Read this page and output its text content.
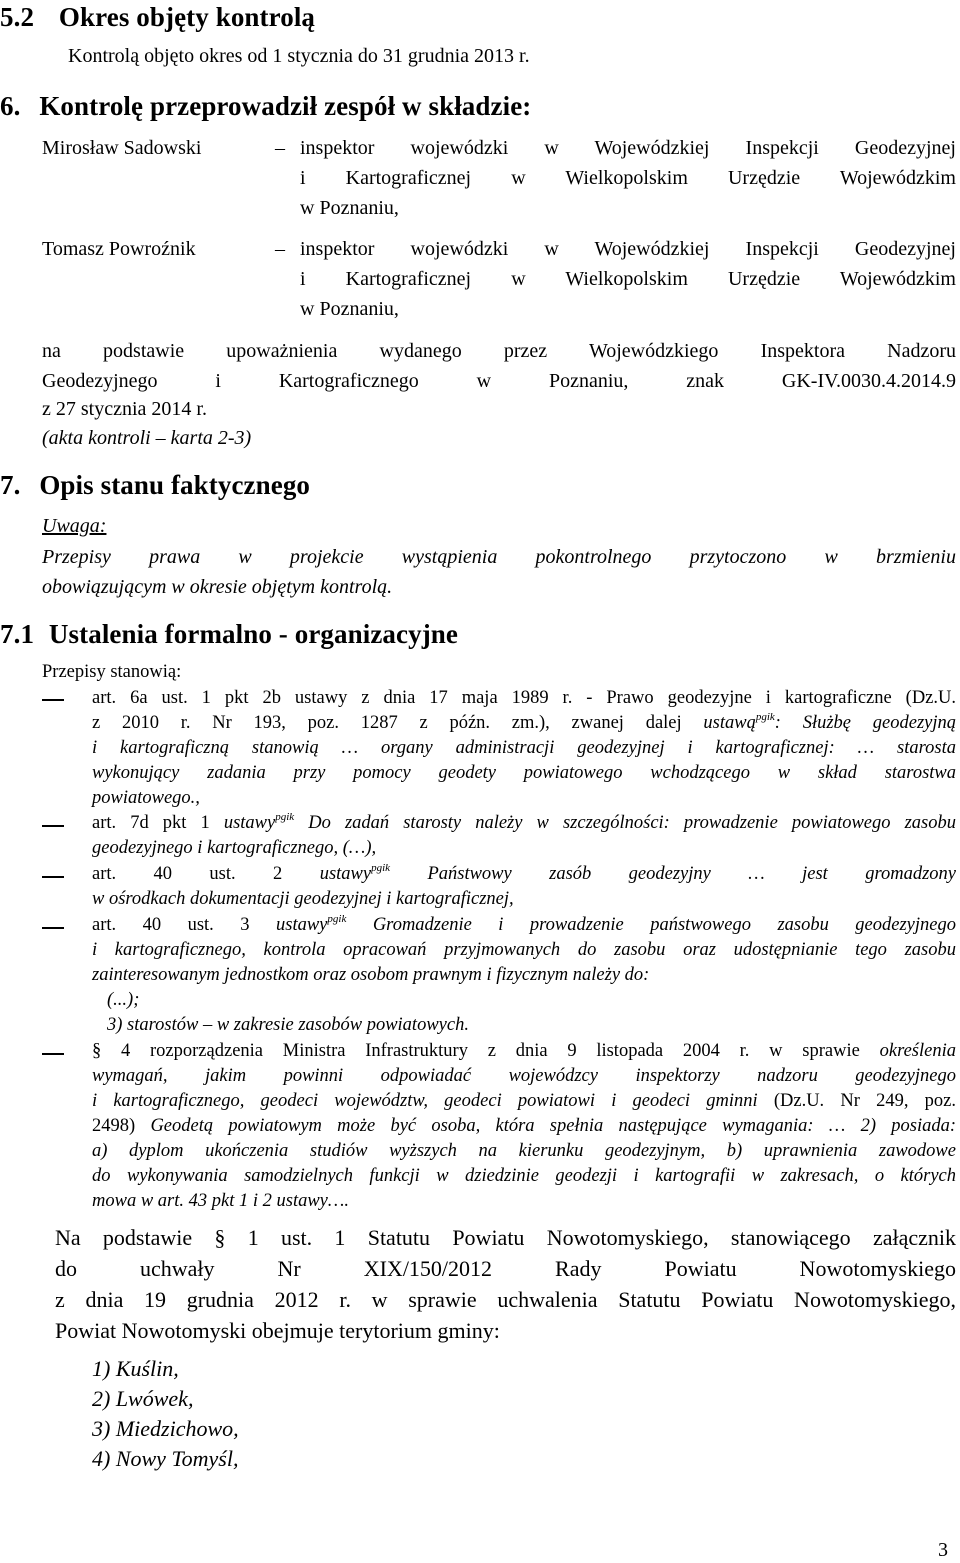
5.2 Okres objęty kontrolą
Kontrolą objęto okres od 1 stycznia do 31 grudnia 2013 r.
6. Kontrolę przeprowadził zespół w składzie:
Mirosław Sadowski	– inspektor wojewódzki w Wojewódzkiej Inspekcji Geodezyjnej
i Kartograficznej w Wielkopolskim Urzędzie Wojewódzkim
w Poznaniu,
Tomasz Powroźnik	– inspektor wojewódzki w Wojewódzkiej Inspekcji Geodezyjnej
i Kartograficznej w Wielkopolskim Urzędzie Wojewódzkim
w Poznaniu,
na podstawie upoważnienia wydanego przez Wojewódzkiego Inspektora Nadzoru
Geodezyjnego i Kartograficznego w Poznaniu, znak GK-IV.0030.4.2014.9
z 27 stycznia 2014 r.
(akta kontroli – karta 2-3)
7. Opis stanu faktycznego
Uwaga:
Przepisy prawa w projekcie wystąpienia pokontrolnego przytoczono w brzmieniu
obowiązującym w okresie objętym kontrolą.
7.1 Ustalenia formalno - organizacyjne
Przepisy stanowią:
art. 6a ust. 1 pkt 2b ustawy z dnia 17 maja 1989 r. - Prawo geodezyjne i kartograficzne (Dz.U.
z 2010 r. Nr 193, poz. 1287 z późn. zm.), zwanej dalej ustawą$^{pgik}$: Służbę geodezyjną
i kartograficzną stanowią … organy administracji geodezyjnej i kartograficznej: … starosta
wykonujący zadania przy pomocy geodety powiatowego wchodzącego w skład starostwa
powiatowego.,
art. 7d pkt 1 ustawy$^{pgik}$ Do zadań starosty należy w szczególności: prowadzenie powiatowego zasobu
geodezyjnego i kartograficznego, (…),
art. 40 ust. 2 ustawy$^{pgik}$ Państwowy zasób geodezyjny … jest gromadzony
w ośrodkach dokumentacji geodezyjnej i kartograficznej,
art. 40 ust. 3 ustawy$^{pgik}$ Gromadzenie i prowadzenie państwowego zasobu geodezyjnego
i kartograficznego, kontrola opracowań przyjmowanych do zasobu oraz udostępnianie tego zasobu
zainteresowanym jednostkom oraz osobom prawnym i fizycznym należy do:
(...);
3) starostów – w zakresie zasobów powiatowych.
§ 4 rozporządzenia Ministra Infrastruktury z dnia 9 listopada 2004 r. w sprawie określenia
wymagań, jakim powinni odpowiadać wojewódzcy inspektorzy nadzoru geodezyjnego
i kartograficznego, geodeci województw, geodeci powiatowi i geodeci gminni (Dz.U. Nr 249, poz.
2498) Geodetą powiatowym może być osoba, która spełnia następujące wymagania: … 2) posiada:
a) dyplom ukończenia studiów wyższych na kierunku geodezyjnym, b) uprawnienia zawodowe
do wykonywania samodzielnych funkcji w dziedzinie geodezji i kartografii w zakresach, o których
mowa w art. 43 pkt 1 i 2 ustawy….
Na podstawie § 1 ust. 1 Statutu Powiatu Nowotomyskiego, stanowiącego załącznik
do uchwały Nr XIX/150/2012 Rady Powiatu Nowotomyskiego
z dnia 19 grudnia 2012 r. w sprawie uchwalenia Statutu Powiatu Nowotomyskiego,
Powiat Nowotomyski obejmuje terytorium gminy:
1) Kuślin,
2) Lwówek,
3) Miedzichowo,
4) Nowy Tomyśl,
3
